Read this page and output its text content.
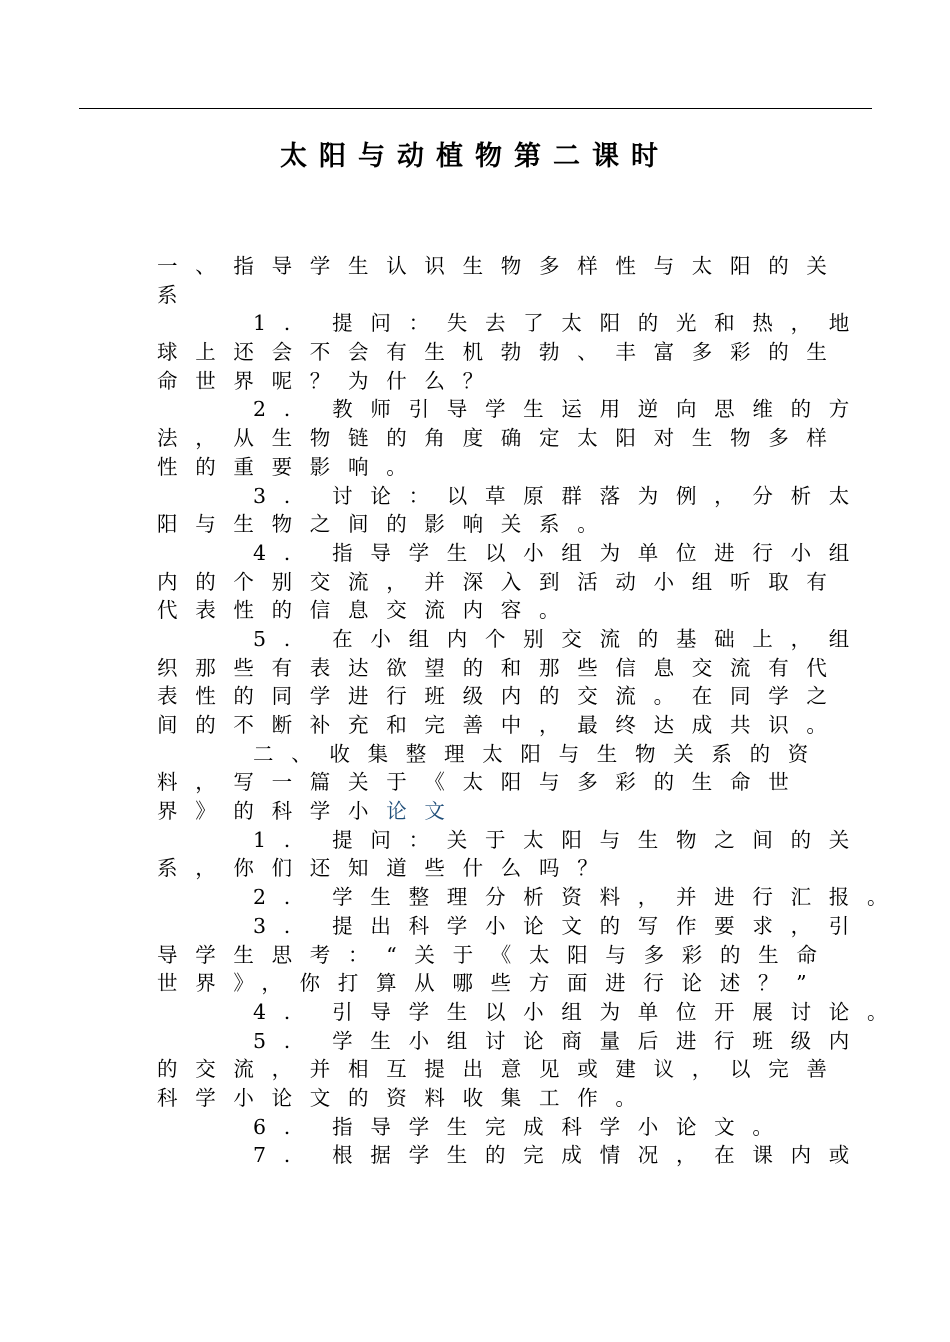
太阳与动植物第二课时
一、指导学生认识生物多样性与太阳的关
系
1. 提问：失去了太阳的光和热，地
球上还会不会有生机勃勃、丰富多彩的生
命世界呢？为什么？
2. 教师引导学生运用逆向思维的方
法，从生物链的角度确定太阳对生物多样
性的重要影响。
3. 讨论：以草原群落为例，分析太
阳与生物之间的影响关系。
4. 指导学生以小组为单位进行小组
内的个别交流，并深入到活动小组听取有
代表性的信息交流内容。
5. 在小组内个别交流的基础上，组
织那些有表达欲望的和那些信息交流有代
表性的同学进行班级内的交流。在同学之
间的不断补充和完善中，最终达成共识。
二、收集整理太阳与生物关系的资
料，写一篇关于《太阳与多彩的生命世
界》的科学小论文
1. 提问：关于太阳与生物之间的关
系，你们还知道些什么吗？
2. 学生整理分析资料，并进行汇报。
3. 提出科学小论文的写作要求，引
导学生思考：“关于《太阳与多彩的生命
世界》，你打算从哪些方面进行论述？”
4. 引导学生以小组为单位开展讨论。
5. 学生小组讨论商量后进行班级内
的交流，并相互提出意见或建议，以完善
科学小论文的资料收集工作。
6. 指导学生完成科学小论文。
7. 根据学生的完成情况，在课内或
